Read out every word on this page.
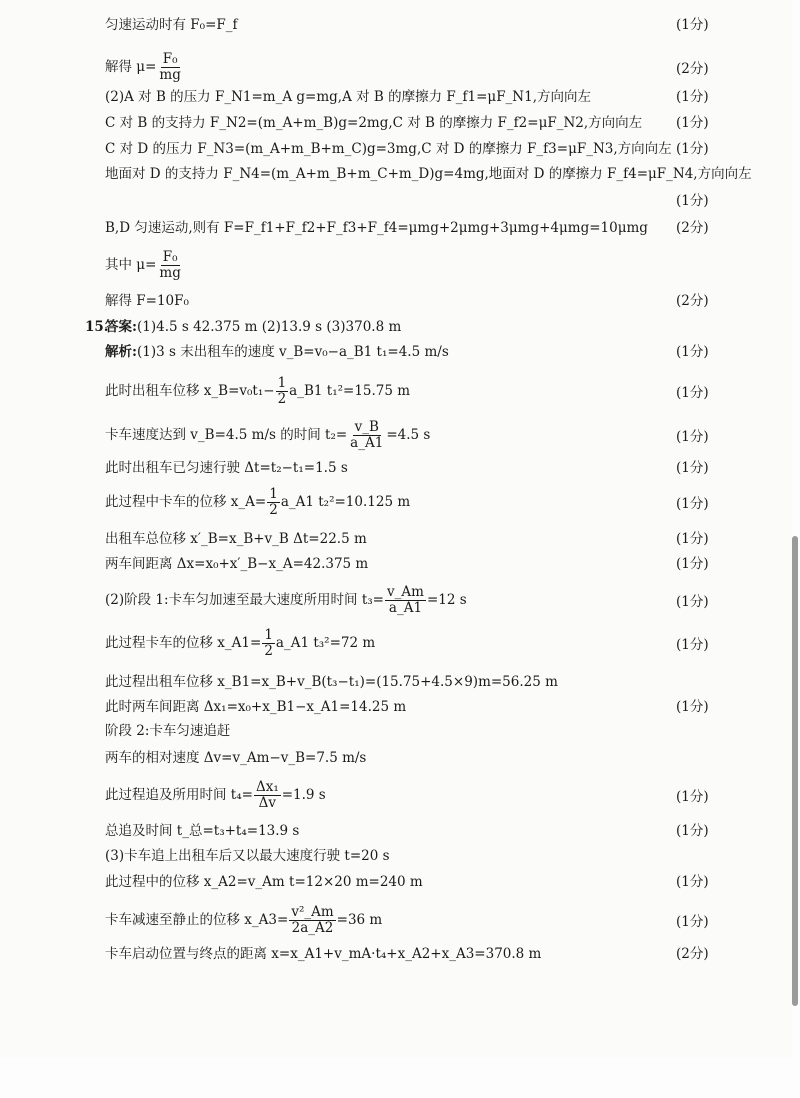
匀速运动时有 F₀=F_f	(1分)
解得 $\mu= \frac{\text{F₀}}{mg}$	(2分)
(2)A 对 B 的压力 F_N1=m_A g=mg,A 对 B 的摩擦力 F_f1=μF_N1,方向向左	(1分)
C 对 B 的支持力 F_N2=(m_A+m_B)g=2mg,C 对 B 的摩擦力 F_f2=μF_N2,方向向左	(1分)
C 对 D 的压力 F_N3=(m_A+m_B+m_C)g=3mg,C 对 D 的摩擦力 F_f3=μF_N3,方向向左 (1分)
地面对 D 的支持力 F_N4=(m_A+m_B+m_C+m_D)g=4mg,地面对 D 的摩擦力 F_f4=μF_N4,方向向左
(1分)
B,D 匀速运动,则有 F=F_f1+F_f2+F_f3+F_f4=μmg+2μmg+3μmg+4μmg=10μmg (2分)
其中 $\mu= \frac{\text{F₀}}{mg}$
解得 F=10F₀	(2分)
15.
答案:(1)4.5 s 42.375 m (2)13.9 s (3)370.8 m
解析:(1)3 s 末出租车的速度 v_B=v₀−a_B1 t₁=4.5 m/s	(1分)
此时出租车位移 x_B=v₀t₁− $\frac{1}{2}$ a_B1 t₁²=15.75 m	(1分)
卡车速度达到 v_B=4.5 m/s 的时间 $t_2= \frac{v\_B}{a\_A1} =4.5$ s	(1分)
此时出租车已匀速行驶 Δt=t₂−t₁=1.5 s	(1分)
此过程中卡车的位移 x_A= $\frac{1}{2}$ a_A1 t₂²=10.125 m	(1分)
出租车总位移 x′_B=x_B+v_B Δt=22.5 m	(1分)
两车间距离 Δx=x₀+x′_B−x_A=42.375 m	(1分)
(2)阶段 1:卡车匀加速至最大速度所用时间 $t_3= \frac{v\_Am}{a\_A1} =12$ s	(1分)
此过程卡车的位移 x_A1= $\frac{1}{2}$ a_A1 t₃²=72 m	(1分)
此过程出租车位移 x_B1=x_B+v_B(t₃−t₁)=(15.75+4.5×9)m=56.25 m
此时两车间距离 Δx₁=x₀+x_B1−x_A1=14.25 m	(1分)
阶段 2:卡车匀速追赶
两车的相对速度 Δv=v_Am−v_B=7.5 m/s
此过程追及所用时间 $t_4= \frac{\text{Δx₁}}{\Delta v} =1.9$ s	(1分)
总追及时间 t_总=t₃+t₄=13.9 s	(1分)
(3)卡车追上出租车后又以最大速度行驶 t=20 s
此过程中的位移 x_A2=v_Am t=12×20 m=240 m	(1分)
卡车减速至静止的位移 x_A3= $\frac{\text{v²\_Am}}{2a\_A2} =36$ m	(1分)
卡车启动位置与终点的距离 x=x_A1+v_mA·t₄+x_A2+x_A3=370.8 m	(2分)
